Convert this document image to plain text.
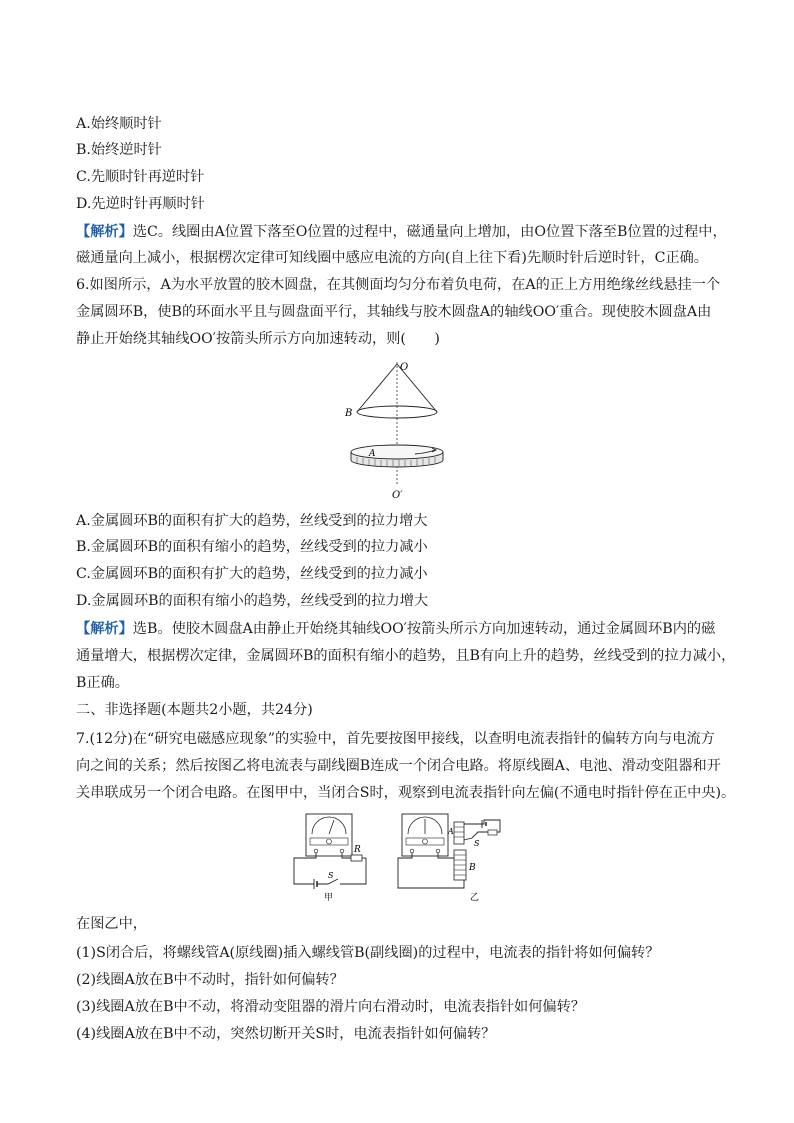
A.始终顺时针
B.始终逆时针
C.先顺时针再逆时针
D.先逆时针再顺时针
【解析】选C。线圈由A位置下落至O位置的过程中，磁通量向上增加，由O位置下落至B位置的过程中，
磁通量向上减小，根据楞次定律可知线圈中感应电流的方向(自上往下看)先顺时针后逆时针，C正确。
6.如图所示，A为水平放置的胶木圆盘，在其侧面均匀分布着负电荷，在A的正上方用绝缘丝线悬挂一个
金属圆环B，使B的环面水平且与圆盘面平行，其轴线与胶木圆盘A的轴线OO′重合。现使胶木圆盘A由
静止开始绕其轴线OO′按箭头所示方向加速转动，则(　　)
O
B
A
O′
A.金属圆环B的面积有扩大的趋势，丝线受到的拉力增大
B.金属圆环B的面积有缩小的趋势，丝线受到的拉力减小
C.金属圆环B的面积有扩大的趋势，丝线受到的拉力减小
D.金属圆环B的面积有缩小的趋势，丝线受到的拉力增大
【解析】选B。使胶木圆盘A由静止开始绕其轴线OO′按箭头所示方向加速转动，通过金属圆环B内的磁
通量增大，根据楞次定律，金属圆环B的面积有缩小的趋势，且B有向上升的趋势，丝线受到的拉力减小，
B正确。
二、非选择题(本题共2小题，共24分)
7.(12分)在“研究电磁感应现象”的实验中，首先要按图甲接线，以查明电流表指针的偏转方向与电流方
向之间的关系；然后按图乙将电流表与副线圈B连成一个闭合电路。将原线圈A、电池、滑动变阻器和开
关串联成另一个闭合电路。在图甲中，当闭合S时，观察到电流表指针向左偏(不通电时指针停在正中央)。
R
S
甲
A
S
B
乙
在图乙中，
(1)S闭合后，将螺线管A(原线圈)插入螺线管B(副线圈)的过程中，电流表的指针将如何偏转？
(2)线圈A放在B中不动时，指针如何偏转？
(3)线圈A放在B中不动，将滑动变阻器的滑片向右滑动时，电流表指针如何偏转？
(4)线圈A放在B中不动，突然切断开关S时，电流表指针如何偏转？
